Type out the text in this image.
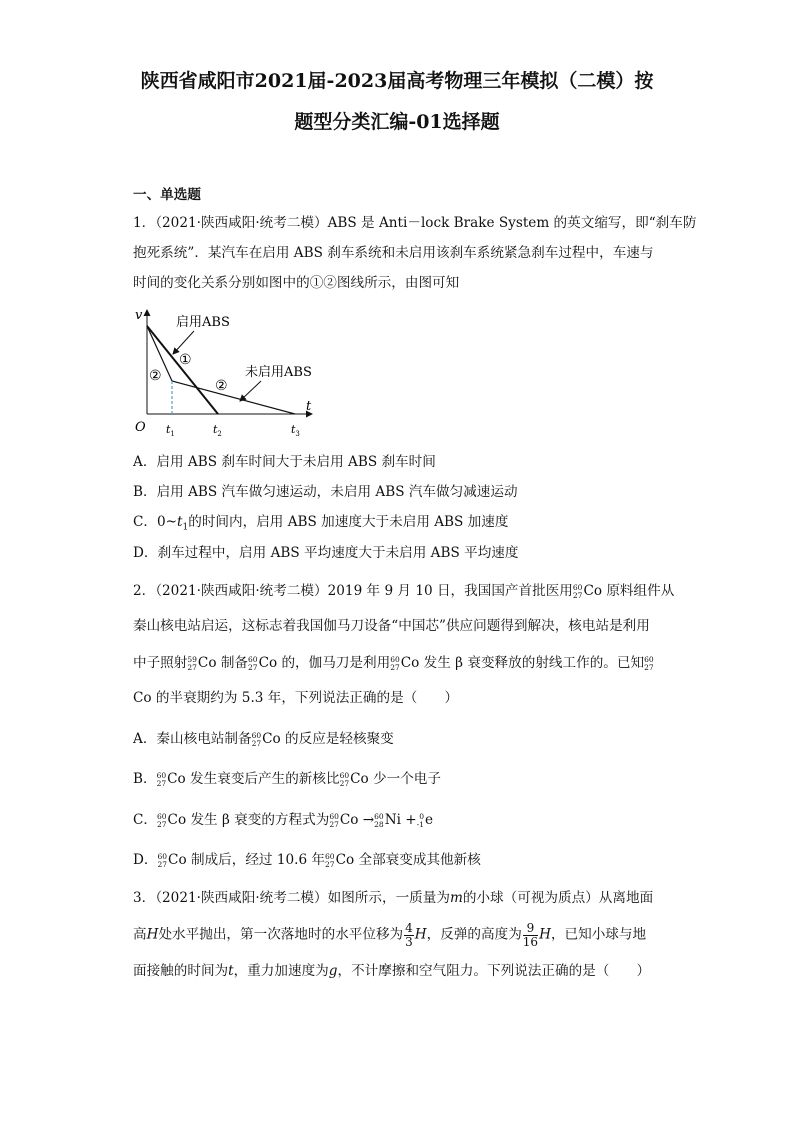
陕西省咸阳市2021届-2023届高考物理三年模拟（二模）按
题型分类汇编-01选择题
一、单选题
1．（2021·陕西咸阳·统考二模）ABS 是 Anti－lock Brake System 的英文缩写，即“刹车防
抱死系统”．某汽车在启用 ABS 刹车系统和未启用该刹车系统紧急刹车过程中，车速与
时间的变化关系分别如图中的①②图线所示，由图可知
v
t
O $t_1$	$t_2$	$t_3$
启用ABS
未启用ABS
①
②
②
A．启用 ABS 刹车时间大于未启用 ABS 刹车时间
B．启用 ABS 汽车做匀速运动，未启用 ABS 汽车做匀减速运动
C．$0\sim t_1$的时间内，启用 ABS 加速度大于未启用 ABS 加速度
D．刹车过程中，启用 ABS 平均速度大于未启用 ABS 平均速度
2．（2021·陕西咸阳·统考二模）2019 年 9 月 10 日，我国国产首批医用 60
27 Co 原料组件从
秦山核电站启运，这标志着我国伽马刀设备“中国芯”供应问题得到解决，核电站是利用
中子照射 59
27 Co 制备 60
27 Co 的，伽马刀是利用 60
27 Co 发生 β 衰变释放的射线工作的。已知 60
27
Co 的半衰期约为 5.3 年，下列说法正确的是（　　）
A．秦山核电站制备 60
27 Co 的反应是轻核聚变
B． 60
27 Co 发生衰变后产生的新核比 60
27 Co 少一个电子
C． 60
27 Co 发生 β 衰变的方程式为 60
27 Co → 60
28 Ni + 0
-1 e
D． 60
27 Co 制成后，经过 10.6 年 60
27 Co 全部衰变成其他新核
3．（2021·陕西咸阳·统考二模）如图所示，一质量为m的小球（可视为质点）从离地面
高H处水平抛出，第一次落地时的水平位移为 $\frac{4}{3}$ H，反弹的高度为 $\frac{9}{16}$ H，已知小球与地
面接触的时间为t，重力加速度为g，不计摩擦和空气阻力。下列说法正确的是（　　）
